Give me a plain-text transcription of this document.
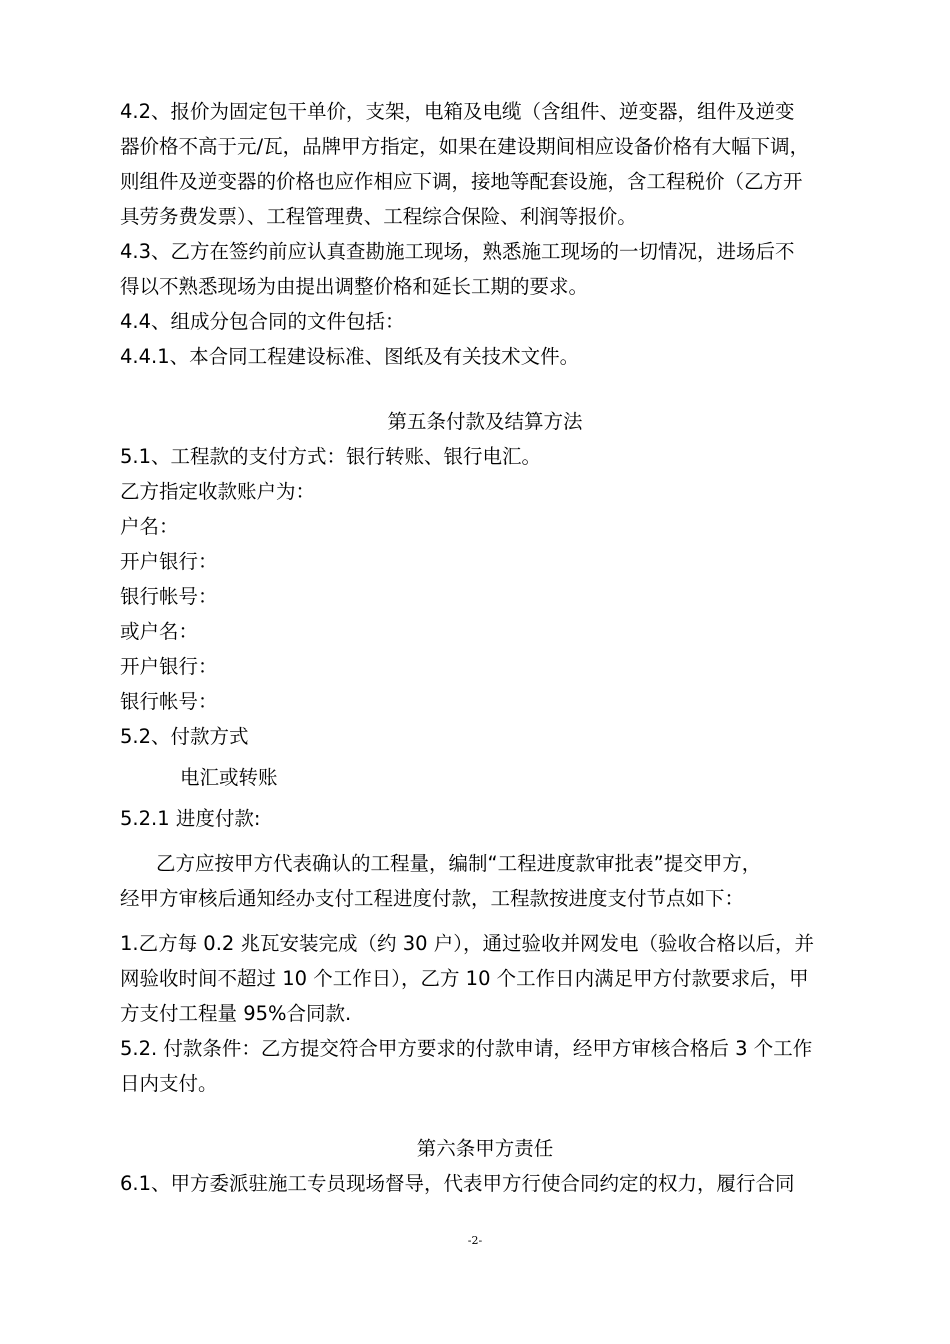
4.2、报价为固定包干单价，支架，电箱及电缆（含组件、逆变器，组件及逆变

器价格不高于元/瓦，品牌甲方指定，如果在建设期间相应设备价格有大幅下调，

则组件及逆变器的价格也应作相应下调，接地等配套设施，含工程税价（乙方开

具劳务费发票）、工程管理费、工程综合保险、利润等报价。

4.3、乙方在签约前应认真查勘施工现场，熟悉施工现场的一切情况，进场后不

得以不熟悉现场为由提出调整价格和延长工期的要求。

4.4、组成分包合同的文件包括：

4.4.1、本合同工程建设标准、图纸及有关技术文件。

第五条付款及结算方法

5.1、工程款的支付方式：银行转账、银行电汇。

乙方指定收款账户为：

户名：

开户银行：

银行帐号：

或户名：

开户银行：

银行帐号：

5.2、付款方式

电汇或转账

5.2.1 进度付款:

乙方应按甲方代表确认的工程量，编制“工程进度款审批表”提交甲方，

经甲方审核后通知经办支付工程进度付款，工程款按进度支付节点如下：

1.乙方每 0.2 兆瓦安装完成（约 30 户），通过验收并网发电（验收合格以后，并

网验收时间不超过 10 个工作日），乙方 10 个工作日内满足甲方付款要求后，甲

方支付工程量 95%合同款.

5.2. 付款条件：乙方提交符合甲方要求的付款申请，经甲方审核合格后 3 个工作

日内支付。

第六条甲方责任

6.1、甲方委派驻施工专员现场督导，代表甲方行使合同约定的权力，履行合同

-2-
